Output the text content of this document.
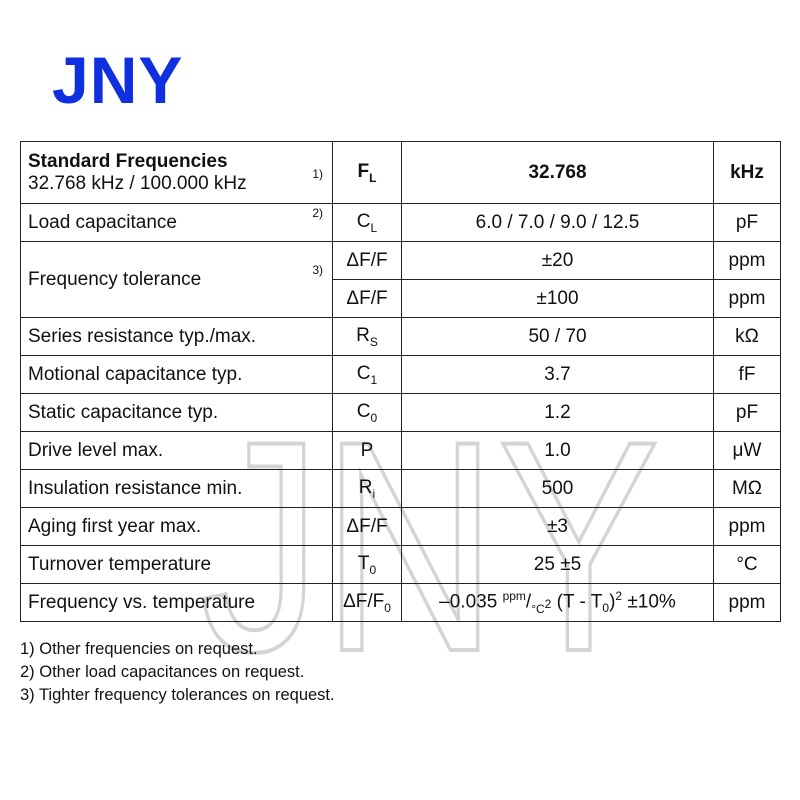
JNY
JNY
Standard Frequencies
32.768 kHz / 100.000 kHz 1)	$F_L$	32.768	kHz

Load capacitance 2)	$C_L$	6.0 / 7.0 / 9.0 / 12.5	pF

Frequency tolerance 3)	ΔF/F	±20	ppm
	ΔF/F	±100	ppm
Series resistance typ./max.	$R_S$	50 / 70	kΩ
Motional capacitance typ.	$C_1$	3.7	fF
Static capacitance typ.	$C_0$	1.2	pF
Drive level max.	P	1.0	μW
Insulation resistance min.	$R_i$	500	MΩ
Aging first year max.	ΔF/F	±3	ppm
Turnover temperature	$T_0$	25 ±5	°C
Frequency vs. temperature	$\Delta F/F_0$	–0.035 $^{ppm}/_{^\circ C^2}$ $(T - T_0)^2 \pm 10\%$	ppm
1) Other frequencies on request.
2) Other load capacitances on request.
3) Tighter frequency tolerances on request.
